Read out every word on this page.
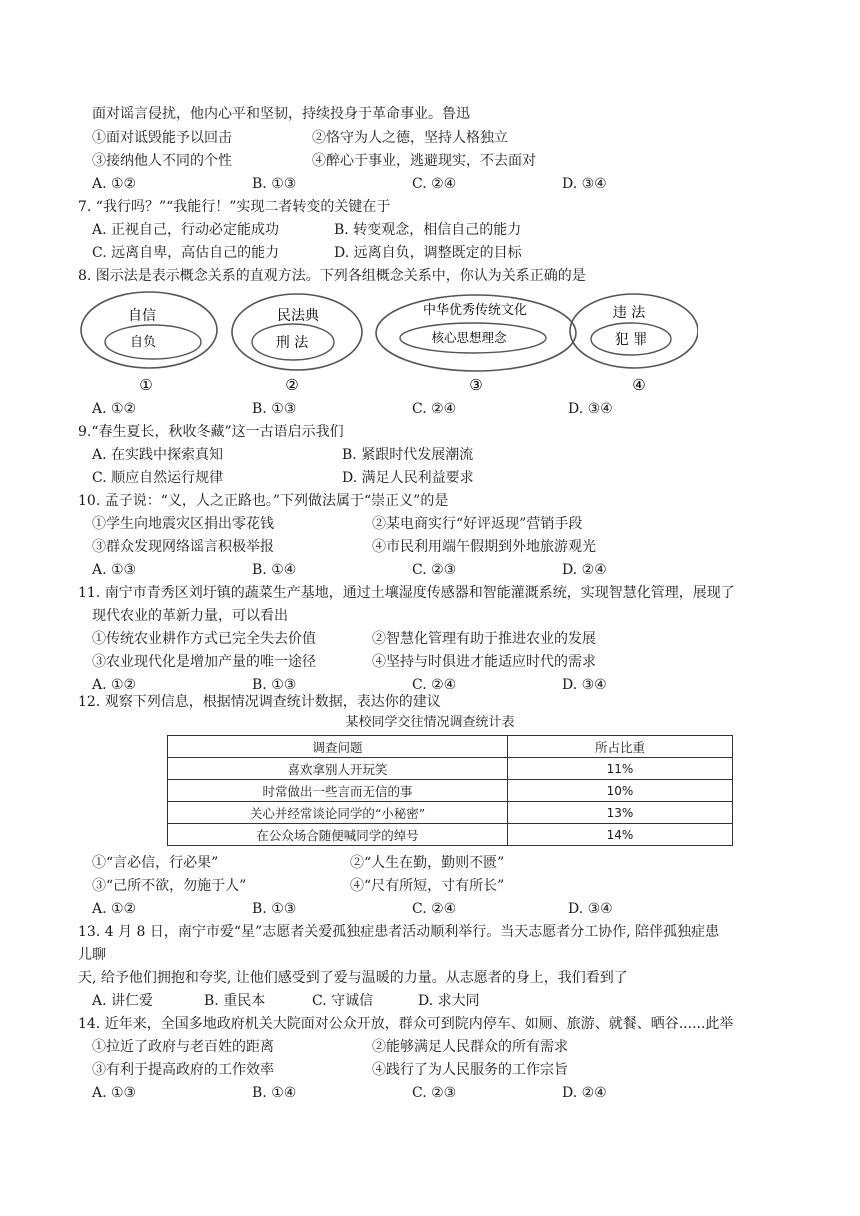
面对谣言侵扰，他内心平和坚韧，持续投身于革命事业。鲁迅
①面对诋毁能予以回击	②恪守为人之德，坚持人格独立
③接纳他人不同的个性	④醉心于事业，逃避现实，不去面对
A. ①②	B. ①③	C. ②④	D. ③④
7. “我行吗？”“我能行！”实现二者转变的关键在于
A. 正视自己，行动必定能成功	B. 转变观念，相信自己的能力
C. 远离自卑，高估自己的能力	D. 远离自负，调整既定的目标
8. 图示法是表示概念关系的直观方法。下列各组概念关系中，你认为关系正确的是
自信
自负
①
民法典
刑 法
②
中华优秀传统文化
核心思想理念
③
违 法
犯 罪
④
A. ①②	B. ①③	C. ②④	D. ③④
9.“春生夏长，秋收冬藏”这一古语启示我们
A. 在实践中探索真知	B. 紧跟时代发展潮流
C. 顺应自然运行规律	D. 满足人民利益要求
10. 孟子说：“义，人之正路也。”下列做法属于“崇正义”的是
①学生向地震灾区捐出零花钱	②某电商实行“好评返现”营销手段
③群众发现网络谣言积极举报	④市民利用端午假期到外地旅游观光
A. ①③	B. ①④	C. ②③	D. ②④
11. 南宁市青秀区刘圩镇的蔬菜生产基地，通过土壤湿度传感器和智能灌溉系统，实现智慧化管理，展现了
现代农业的革新力量，可以看出
①传统农业耕作方式已完全失去价值	②智慧化管理有助于推进农业的发展
③农业现代化是增加产量的唯一途径	④坚持与时俱进才能适应时代的需求
A. ①②	B. ①③	C. ②④	D. ③④
12. 观察下列信息，根据情况调查统计数据，表达你的建议
某校同学交往情况调查统计表
调查问题	所占比重
喜欢拿别人开玩笑	11%
时常做出一些言而无信的事	10%
关心并经常谈论同学的“小秘密”	13%
在公众场合随便喊同学的绰号	14%
①“言必信，行必果”	②“人生在勤，勤则不匮”
③“己所不欲，勿施于人”	④“尺有所短，寸有所长”
A. ①②	B. ①③	C. ②④	D. ③④
13. 4 月 8 日，南宁市爱“星”志愿者关爱孤独症患者活动顺利举行。当天志愿者分工协作, 陪伴孤独症患
儿聊
天, 给予他们拥抱和夸奖, 让他们感受到了爱与温暖的力量。从志愿者的身上，我们看到了
A. 讲仁爱	B. 重民本	C. 守诚信	D. 求大同
14. 近年来，全国多地政府机关大院面对公众开放，群众可到院内停车、如厕、旅游、就餐、晒谷......此举
①拉近了政府与老百姓的距离	②能够满足人民群众的所有需求
③有利于提高政府的工作效率	④践行了为人民服务的工作宗旨
A. ①③	B. ①④	C. ②③	D. ②④
